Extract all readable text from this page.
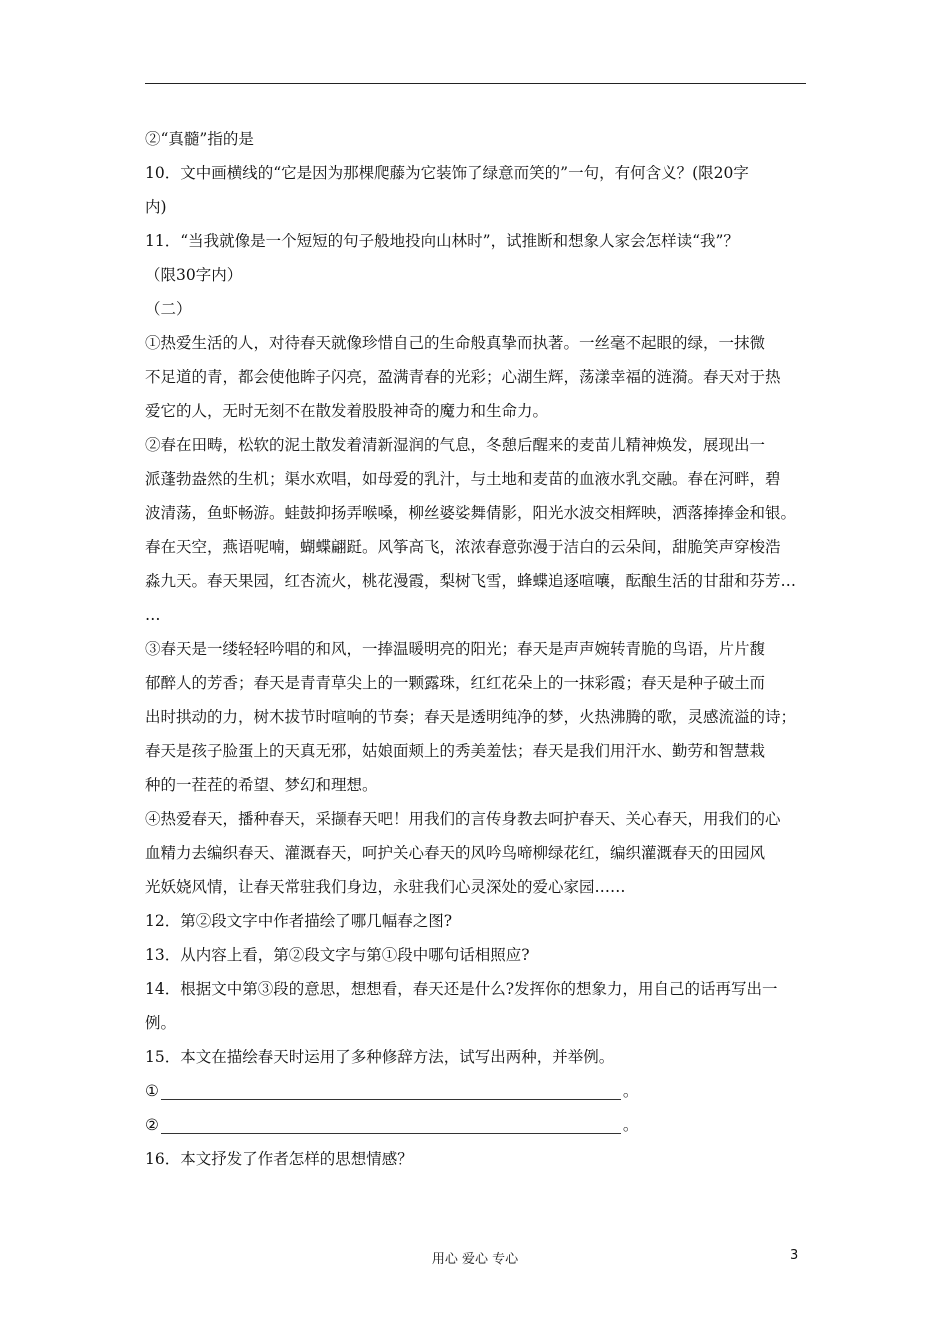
②“真髓”指的是
10．文中画横线的“它是因为那棵爬藤为它装饰了绿意而笑的”一句，有何含义？(限20字
内)
11．“当我就像是一个短短的句子般地投向山林时”，试推断和想象人家会怎样读“我”？
（限30字内）
（二）
①热爱生活的人，对待春天就像珍惜自己的生命般真挚而执著。一丝毫不起眼的绿，一抹微
不足道的青，都会使他眸子闪亮，盈满青春的光彩；心湖生辉，荡漾幸福的涟漪。春天对于热
爱它的人，无时无刻不在散发着股股神奇的魔力和生命力。
②春在田畴，松软的泥土散发着清新湿润的气息，冬憩后醒来的麦苗儿精神焕发，展现出一
派蓬勃盎然的生机；渠水欢唱，如母爱的乳汁，与土地和麦苗的血液水乳交融。春在河畔，碧
波清荡，鱼虾畅游。蛙鼓抑扬弄喉嗓，柳丝婆娑舞倩影，阳光水波交相辉映，洒落捧捧金和银。
春在天空，燕语呢喃，蝴蝶翩跹。风筝高飞，浓浓春意弥漫于洁白的云朵间，甜脆笑声穿梭浩
淼九天。春天果园，红杏流火，桃花漫霞，梨树飞雪，蜂蝶追逐喧嚷，酝酿生活的甘甜和芬芳…
…
③春天是一缕轻轻吟唱的和风，一捧温暖明亮的阳光；春天是声声婉转青脆的鸟语，片片馥
郁醉人的芳香；春天是青青草尖上的一颗露珠，红红花朵上的一抹彩霞；春天是种子破土而
出时拱动的力，树木拔节时喧响的节奏；春天是透明纯净的梦，火热沸腾的歌，灵感流溢的诗；
春天是孩子脸蛋上的天真无邪，姑娘面颊上的秀美羞怯；春天是我们用汗水、勤劳和智慧栽
种的一茬茬的希望、梦幻和理想。
④热爱春天，播种春天，采撷春天吧！用我们的言传身教去呵护春天、关心春天，用我们的心
血精力去编织春天、灌溉春天，呵护关心春天的风吟鸟啼柳绿花红，编织灌溉春天的田园风
光妖娆风情，让春天常驻我们身边，永驻我们心灵深处的爱心家园……
12．第②段文字中作者描绘了哪几幅春之图?
13．从内容上看，第②段文字与第①段中哪句话相照应?
14．根据文中第③段的意思，想想看，春天还是什么?发挥你的想象力，用自己的话再写出一
例。
15．本文在描绘春天时运用了多种修辞方法，试写出两种，并举例。
①	。
②	。
16．本文抒发了作者怎样的思想情感？
用心 爱心 专心	3
